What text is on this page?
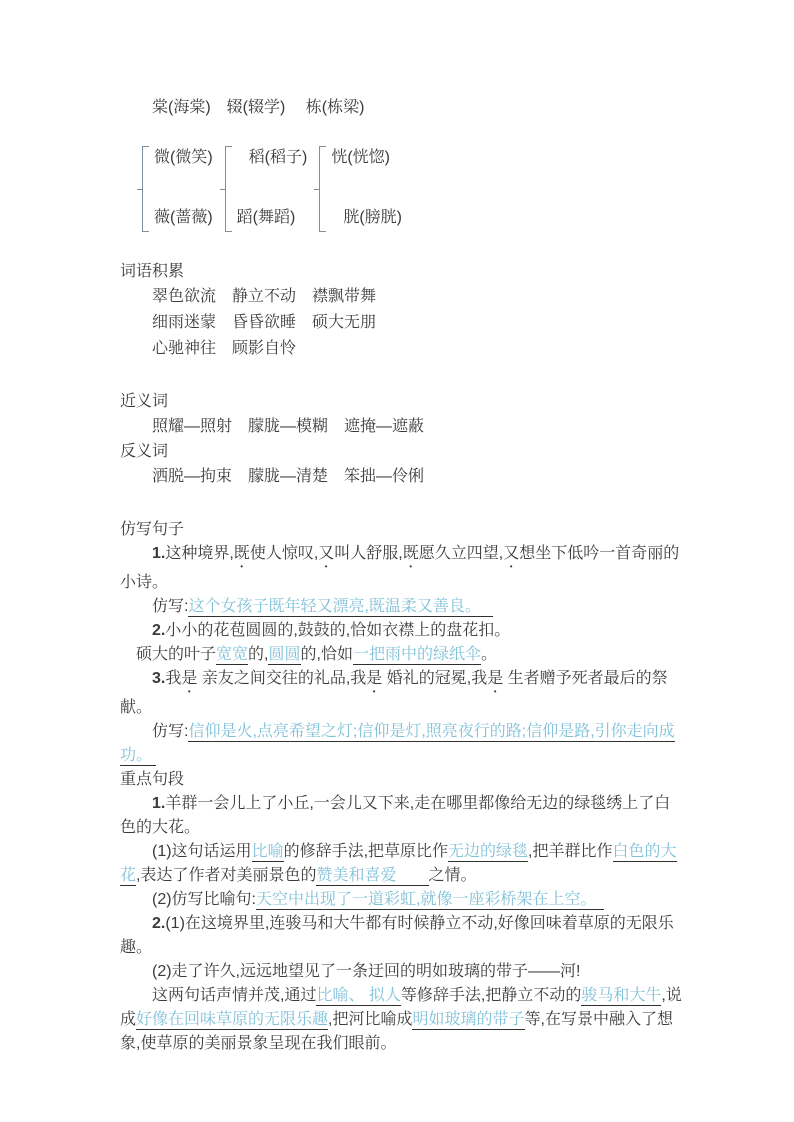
棠(海棠)　辍(辍学)　 栋(栋梁)

微(微笑)
薇(蔷薇)
稻(稻子)
蹈(舞蹈)
恍(恍惚)
胱(膀胱)

词语积累

翠色欲流　静立不动　襟飘带舞

细雨迷蒙　昏昏欲睡　硕大无朋

心驰神往　顾影自怜

近义词

照耀—照射　朦胧—模糊　遮掩—遮蔽

反义词

洒脱—拘束　朦胧—清楚　笨拙—伶俐

仿写句子

1.这种境界,既使人惊叹,又叫人舒服,既愿久立四望,又想坐下低吟一首奇丽的小诗。

仿写:这个女孩子既年轻又漂亮,既温柔又善良。　

2.小小的花苞圆圆的,鼓鼓的,恰如衣襟上的盘花扣。

硕大的叶子宽宽的,圆圆的,恰如一把雨中的绿纸伞。

3.我是 亲友之间交往的礼品,我是 婚礼的冠冕,我是 生者赠予死者最后的祭献。

仿写:信仰是火,点亮希望之灯;信仰是灯,照亮夜行的路;信仰是路,引你走向成功。

重点句段

1.羊群一会儿上了小丘,一会儿又下来,走在哪里都像给无边的绿毯绣上了白色的大花。

(1)这句话运用比喻的修辞手法,把草原比作无边的绿毯,把羊群比作白色的大花,表达了作者对美丽景色的赞美和喜爱　　 之情。

(2)仿写比喻句:天空中出现了一道彩虹,就像一座彩桥架在上空。　

2.(1)在这境界里,连骏马和大牛都有时候静立不动,好像回味着草原的无限乐趣。

(2)走了许久,远远地望见了一条迂回的明如玻璃的带子——河!

这两句话声情并茂,通过比喻、 拟人等修辞手法,把静立不动的骏马和大牛,说成好像在回味草原的无限乐趣,把河比喻成明如玻璃的带子等,在写景中融入了想象,使草原的美丽景象呈现在我们眼前。
